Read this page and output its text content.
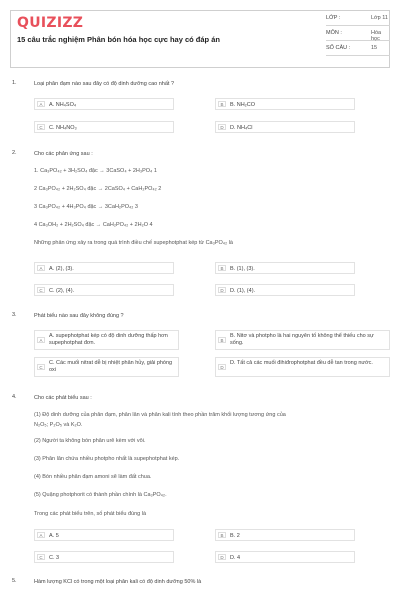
QUIZIZZ
15 câu trắc nghiệm Phân bón hóa học cực hay có đáp án
LỚP :	Lớp 11
MÔN :	Hóa học
SỐ CÂU :	15
1.	Loại phân đạm nào sau đây có độ dinh dưỡng cao nhất ?
A	A. NH₄SO₄	B	B. NH₂CO
C	C. NH₄NO₃	D	D. NH₄Cl
2.	Cho các phản ứng sau :
1. Ca₃PO₄₂ + 3H₂SO₄ đặc → 3CaSO₄ + 2H₃PO₄ 1
2 Ca₃PO₄₂ + 2H₂SO₄ đặc → 2CaSO₄ + CaH₂PO₄₂ 2
3 Ca₃PO₄₂ + 4H₃PO₄ đặc → 3CaH₂PO₄₂ 3
4 Ca₃OH₂ + 2H₂SO₄ đặc → CaH₂PO₄₂ + 2H₂O 4
Những phản ứng xảy ra trong quá trình điều chế supephotphat kép từ Ca₃PO₄₂ là
A	A. (2), (3).	B	B. (1), (3).
C	C. (2), (4).	D	D. (1), (4).
3.	Phát biểu nào sau đây không đúng ?
A
A. supephotphat kép có độ dinh dưỡng thấp hơn supephotphat đơn.	B
B. Nitơ và photpho là hai nguyên tố không thể thiếu cho sự sống.
C
C. Các muối nitrat dễ bị nhiệt phân hủy, giải phóng oxi	D
D. Tất cả các muối đihiđrophotphat đều dễ tan trong nước.
4.	Cho các phát biểu sau :
(1) Độ dinh dưỡng của phân đạm, phân lân và phân kali tính theo phần trăm khối lượng tương ứng của
N₂O₅; P₂O₅ và K₂O.
(2) Người ta không bón phân urê kèm với vôi.
(3) Phân lân chứa nhiều photpho nhất là supephotphat kép.
(4) Bón nhiều phân đạm amoni sẽ làm đất chua.
(5) Quặng photphorit có thành phần chính là Ca₃PO₄₂.
Trong các phát biểu trên, số phát biểu đúng là
A	A. 5	B	B. 2
C	C. 3	D	D. 4
5.	Hàm lượng KCl có trong một loại phân kali có độ dinh dưỡng 50% là
